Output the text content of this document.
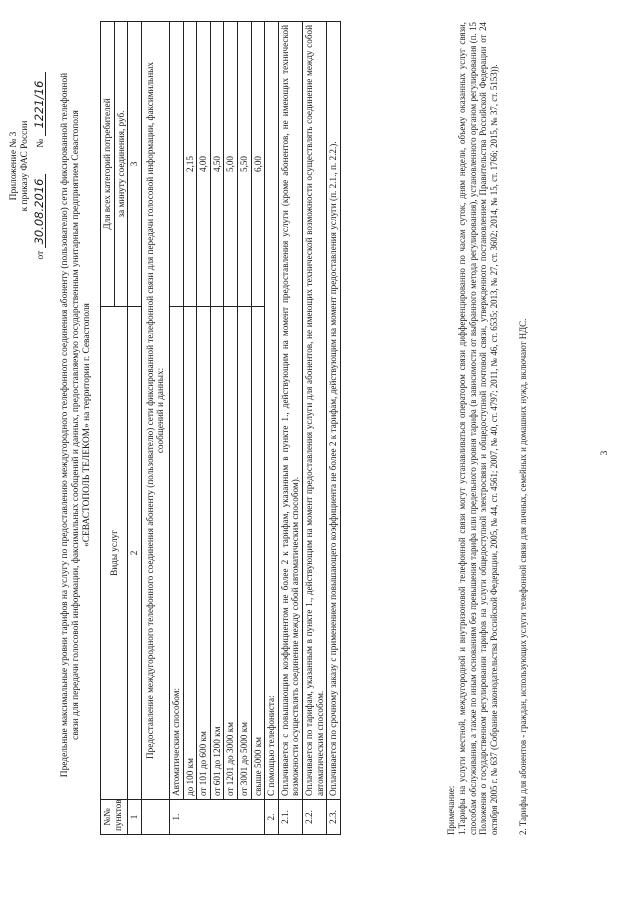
Приложение № 3 к приказу ФАС России
от 30.08.2016  № 1221/16 Предельные максимальные уровни тарифов на услугу по предоставлению междугородного телефонного соединения абоненту (пользователю) сети фиксированной телефонной связи для передачи голосовой информации, факсимильных сообщений и данных, предоставляемую государственным унитарным предприятием Севастополя «СЕВАСТОПОЛЬ ТЕЛЕКОМ» на территории г. Севастополя
№№ пунктов	Виды услуг	Для всех категорий потребителей
		за минуту соединения, руб.
1	2	3
	Предоставление междугородного телефонного соединения абоненту (пользователю) сети фиксированной телефонной связи для передачи голосовой информации, факсимильных сообщений и данных:	
1.	Автоматическим способом:	
	до 100 км	2,15
	от 101 до 600 км	4,00
	от 601 до 1200 км	4,50
	от 1201 до 3000 км	5,00
	от 3001 до 5000 км	5,50
	свыше 5000 км	6,00
2.	С помощью телефониста:	
2.1.	Оплачивается с повышающим коэффициентом не более 2 к тарифам, указанным в пункте 1., действующим на момент предоставления услуги (кроме абонентов, не имеющих технической возможности осуществлять соединение между собой автоматическим способом).	
2.2.	Оплачивается по тарифам, указанным в пункте 1., действующим на момент предоставления услуги для абонентов, не имеющих технической возможности осуществлять соединение между собой автоматическим способом.	
2.3.	Оплачивается по срочному заказу с применением повышающего коэффициента не более 2 к тарифам, действующим на момент предоставления услуги (п. 2.1., п. 2.2.).	
Примечание: 1.Тарифы на услуги местной, междугородной и внутризоновой телефонной связи могут устанавливаться оператором связи дифференцированно по часам суток, дням недели, объему оказанных услуг связи, способам обслуживания, а также по иным основаниям без превышения тарифа или предельного уровня тарифа (в зависимости от выбранного метода регулирования), установленного органом регулирования (п. 15 Положения о государственном регулировании тарифов на услуги общедоступной электросвязи и общедоступной почтовой связи, утвержденного постановлением Правительства Российской Федерации от 24 октября 2005 г. № 637 (Собрание законодательства Российской Федерации, 2005, № 44, ст. 4561; 2007, № 40, ст. 4797; 2011, № 46, ст. 6535; 2013, № 27, ст. 3602; 2014, № 15, ст. 1766; 2015, № 37, ст. 5153)). 2. Тарифы для абонентов - граждан, использующих услуги телефонной связи для личных, семейных и домашних нужд, включают НДС.	3
